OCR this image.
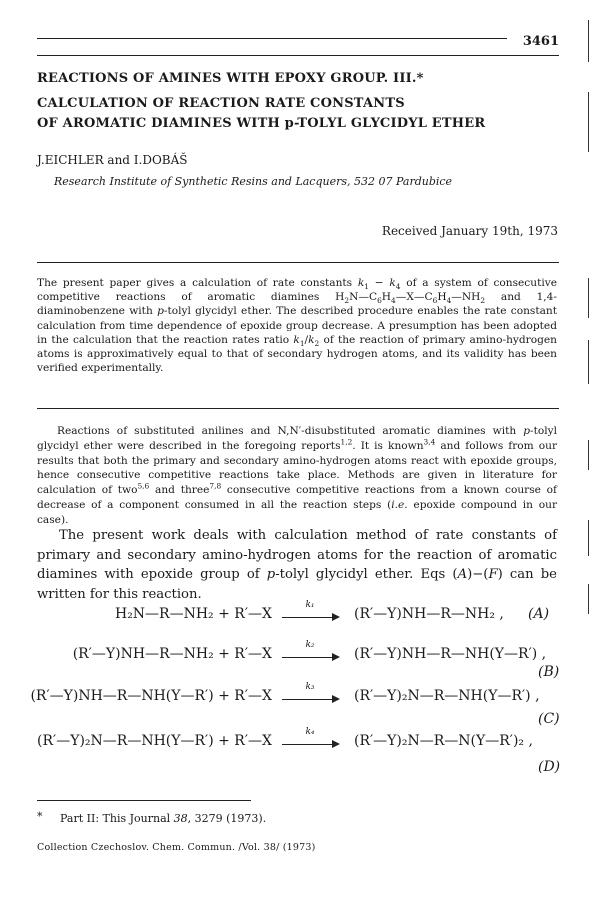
3461
REACTIONS OF AMINES WITH EPOXY GROUP. III.*
CALCULATION OF REACTION RATE CONSTANTS
OF AROMATIC DIAMINES WITH p-TOLYL GLYCIDYL ETHER
J.EICHLER and I.DOBÁŠ
Research Institute of Synthetic Resins and Lacquers, 532 07 Pardubice
Received January 19th, 1973
The present paper gives a calculation of rate constants $k_1 - k_4$ of a system of consecutive competitive reactions of aromatic diamines $H_2N—C_6H_4—X—C_6H_4—NH_2$ and 1,4-diaminobenzene with p-tolyl glycidyl ether. The described procedure enables the rate constant calculation from time dependence of epoxide group decrease. A presumption has been adopted in the calculation that the reaction rates ratio $k_1/k_2$ of the reaction of primary amino-hydrogen atoms is approximatively equal to that of secondary hydrogen atoms, and its validity has been verified experimentally.
Reactions of substituted anilines and N,N′-disubstituted aromatic diamines with p-tolyl glycidyl ether were described in the foregoing reports$^{1,2}$. It is known$^{3,4}$ and follows from our results that both the primary and secondary amino-hydrogen atoms react with epoxide groups, hence consecutive competitive reactions take place. Methods are given in literature for calculation of two$^{5,6}$ and three$^{7,8}$ consecutive competitive reactions from a known course of decrease of a component consumed in all the reaction steps (i.e. epoxide compound in our case).
The present work deals with calculation method of rate constants of primary and secondary amino-hydrogen atoms for the reaction of aromatic diamines with epoxide group of p-tolyl glycidyl ether. Eqs (A)−(F) can be written for this reaction.
H₂N—R—NH₂ + R′—X
k₁
(R′—Y)NH—R—NH₂ , (A)
(R′—Y)NH—R—NH₂ + R′—X
k₂
(R′—Y)NH—R—NH(Y—R′) ,
(B)
(R′—Y)NH—R—NH(Y—R′) + R′—X
k₃
(R′—Y)₂N—R—NH(Y—R′) ,
(C)
(R′—Y)₂N—R—NH(Y—R′) + R′—X
k₄
(R′—Y)₂N—R—N(Y—R′)₂ ,
(D)
* Part II: This Journal 38, 3279 (1973).
Collection Czechoslov. Chem. Commun. /Vol. 38/ (1973)
